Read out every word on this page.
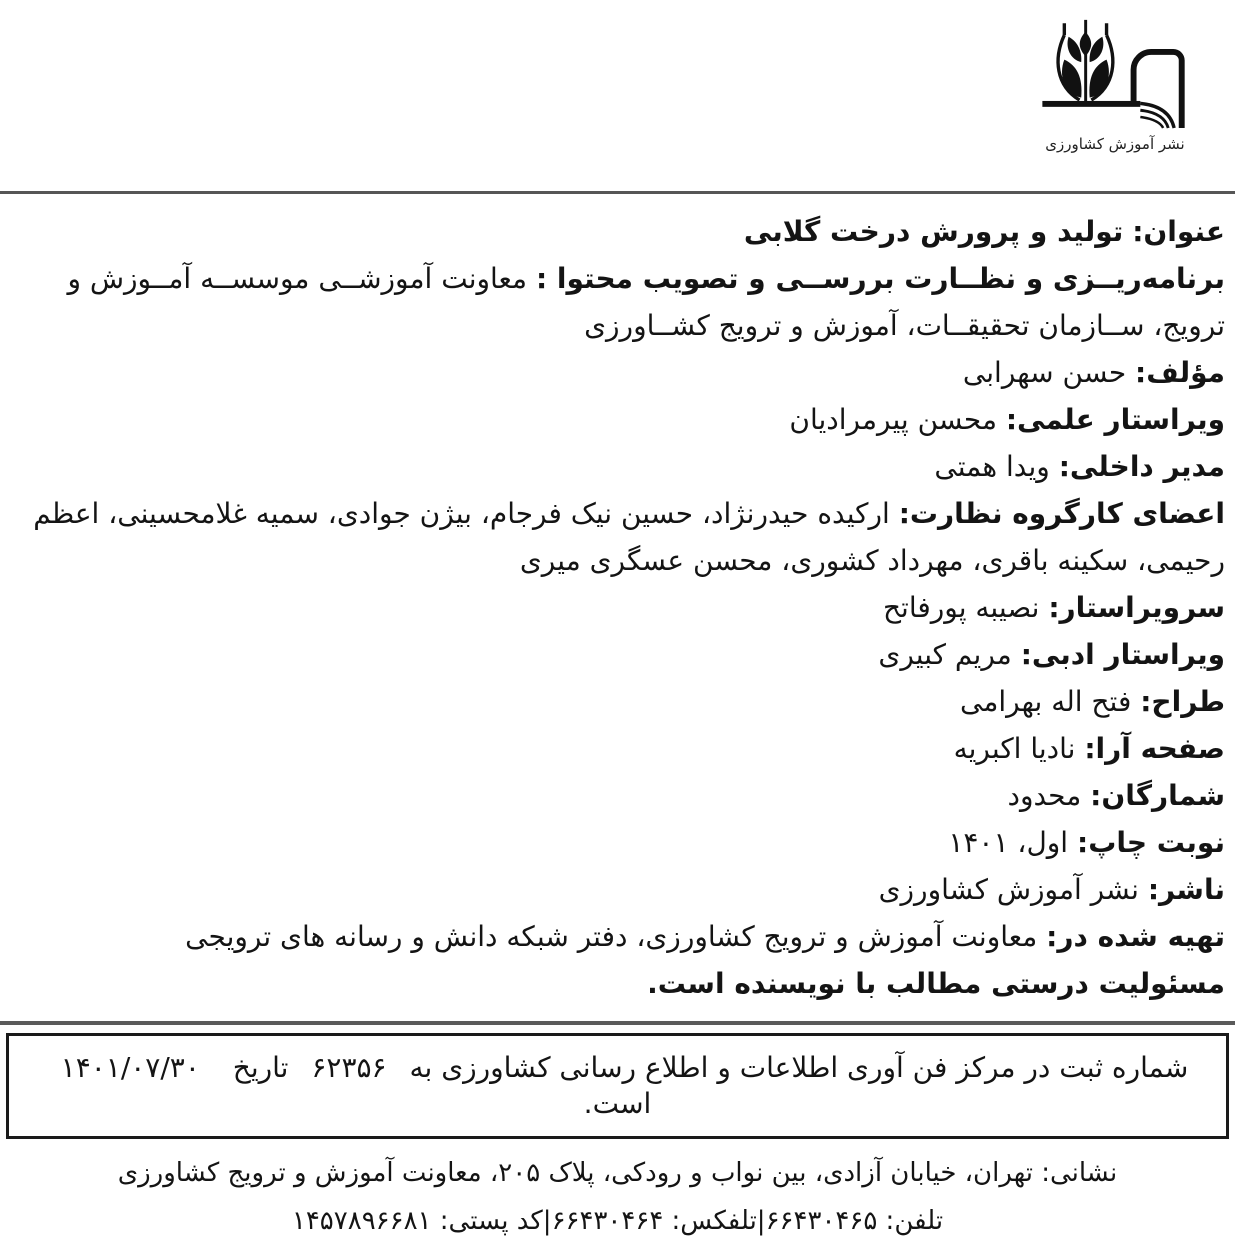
نشر آموزش کشاورزی
عنوان: تولید و پرورش درخت گلابی
برنامه‌ریــزی و نظــارت بررســی و تصویب محتوا : معاونت آموزشــی موسســه آمــوزش و ترویج، ســازمان تحقیقــات، آموزش و ترویج کشــاورزی
مؤلف: حسن سهرابی
ویراستار علمی: محسن پیرمرادیان
مدیر داخلی: ویدا همتی
اعضای کارگروه نظارت: ارکیده حیدرنژاد، حسین نیک فرجام، بیژن جوادی، سمیه غلامحسینی، اعظم رحیمی، سکینه باقری، مهرداد کشوری، محسن عسگری میری
سرویراستار: نصیبه پورفاتح
ویراستار ادبی: مریم کبیری
طراح: فتح اله بهرامی
صفحه آرا: نادیا اکبریه
شمارگان: محدود
نوبت چاپ: اول، ۱۴۰۱
ناشر: نشر آموزش کشاورزی
تهیه شده در: معاونت آموزش و ترویج کشاورزی، دفتر شبکه دانش و رسانه های ترویجی
مسئولیت درستی مطالب با نویسنده است.
شماره ثبت در مرکز فن آوری اطلاعات و اطلاع رسانی کشاورزی به ۶۲۳۵۶ تاریخ ۱۴۰۱/۰۷/۳۰ است.
نشانی: تهران، خیابان آزادی، بین نواب و رودکی، پلاک ۲۰۵، معاونت آموزش و ترویج کشاورزی
تلفن: ۶۶۴۳۰۴۶۵|تلفکس: ۶۶۴۳۰۴۶۴|کد پستی: ۱۴۵۷۸۹۶۶۸۱
